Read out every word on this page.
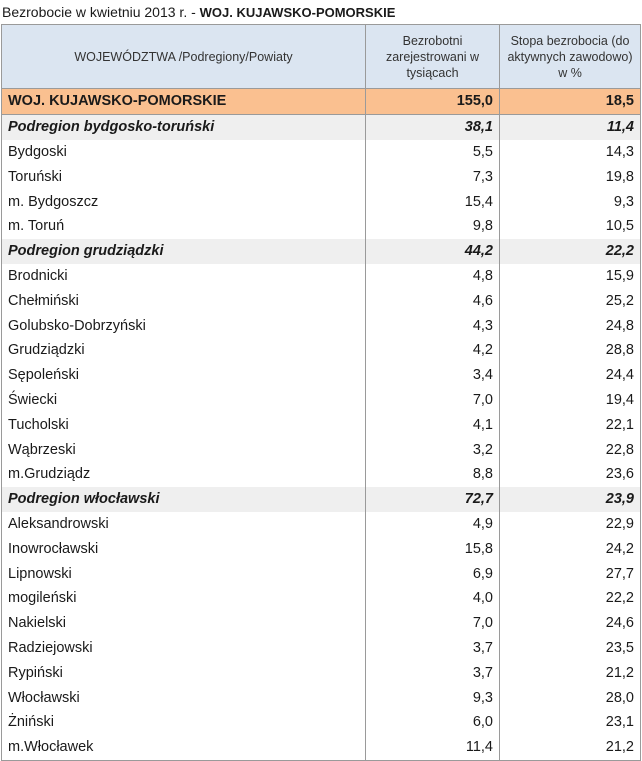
Bezrobocie w kwietniu 2013 r. - WOJ. KUJAWSKO-POMORSKIE
WOJEWÓDZTWA /Podregiony/Powiaty	Bezrobotni zarejestrowani w tysiącach	Stopa bezrobocia (do aktywnych zawodowo) w %
WOJ. KUJAWSKO-POMORSKIE	155,0	18,5
Podregion bydgosko-toruński	38,1	11,4
Bydgoski	5,5	14,3
Toruński	7,3	19,8
m. Bydgoszcz	15,4	9,3
m. Toruń	9,8	10,5
Podregion grudziądzki	44,2	22,2
Brodnicki	4,8	15,9
Chełmiński	4,6	25,2
Golubsko-Dobrzyński	4,3	24,8
Grudziądzki	4,2	28,8
Sępoleński	3,4	24,4
Świecki	7,0	19,4
Tucholski	4,1	22,1
Wąbrzeski	3,2	22,8
m.Grudziądz	8,8	23,6
Podregion włocławski	72,7	23,9
Aleksandrowski	4,9	22,9
Inowrocławski	15,8	24,2
Lipnowski	6,9	27,7
mogileński	4,0	22,2
Nakielski	7,0	24,6
Radziejowski	3,7	23,5
Rypiński	3,7	21,2
Włocławski	9,3	28,0
Żniński	6,0	23,1
m.Włocławek	11,4	21,2
